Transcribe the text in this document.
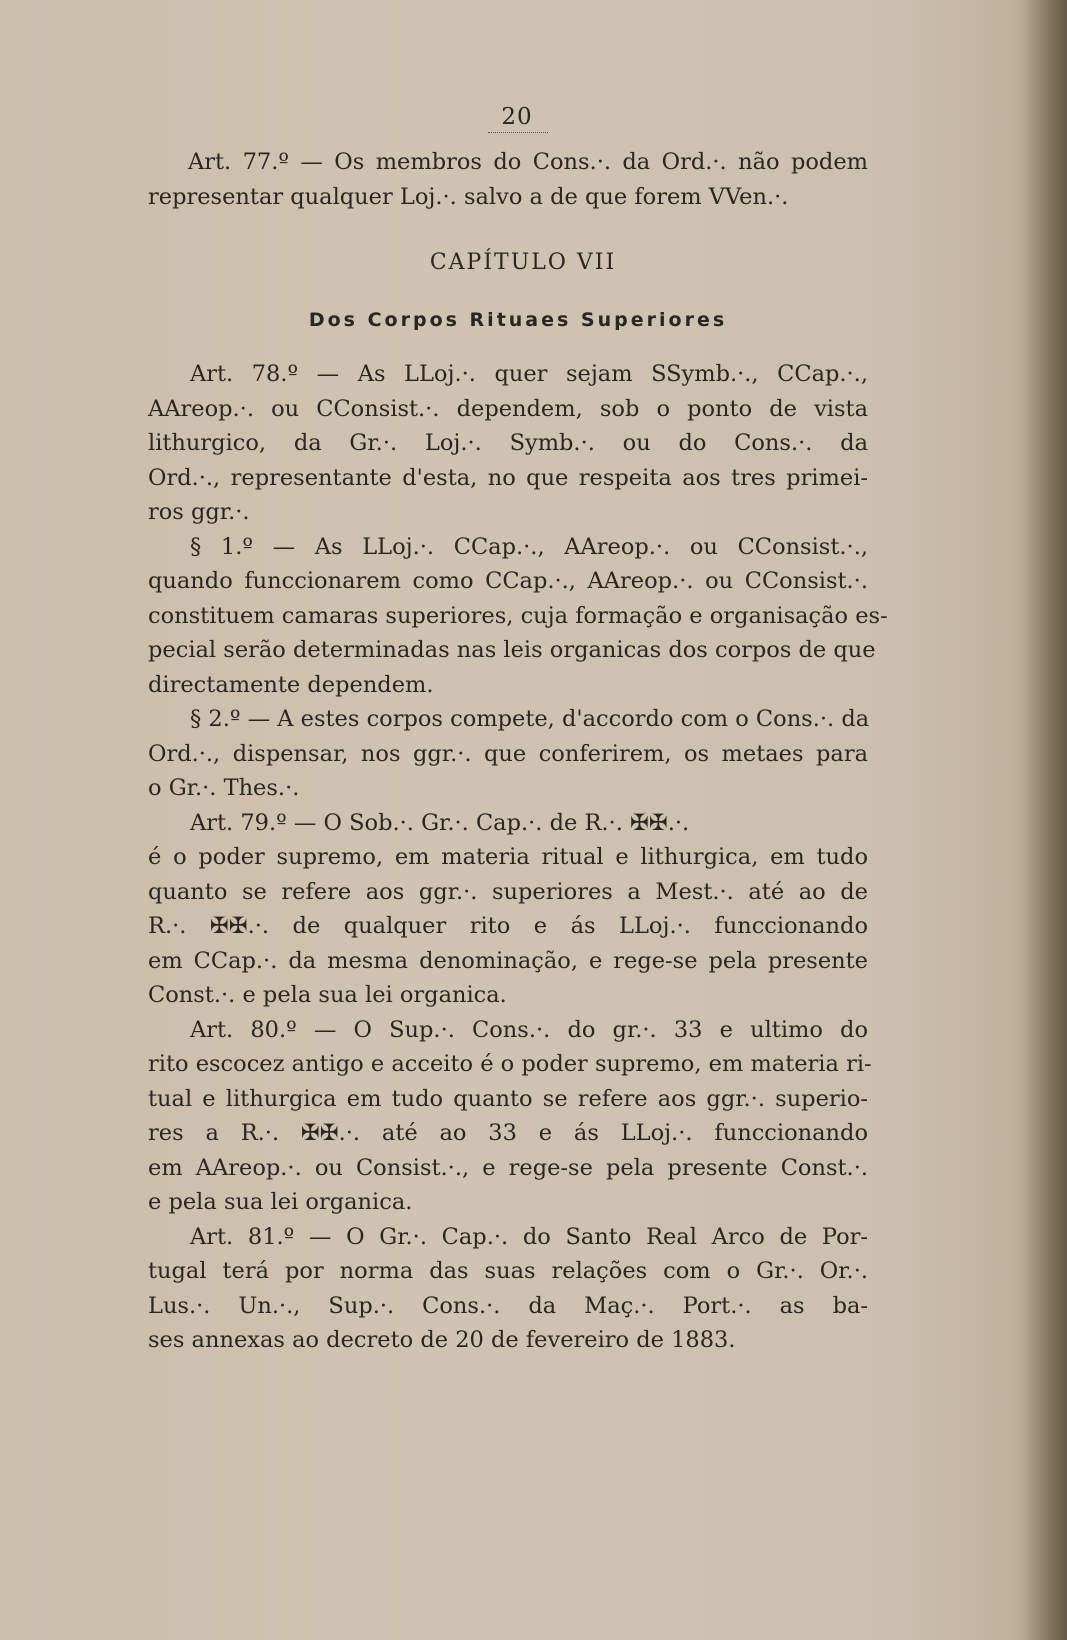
20
Art. 77.º — Os membros do Cons.·. da Ord.·. não podem
representar qualquer Loj.·. salvo a de que forem VVen.·.
CAPÍTULO VII
Dos Corpos Rituaes Superiores
Art. 78.º — As LLoj.·. quer sejam SSymb.·., CCap.·.,
AAreop.·. ou CConsist.·. dependem, sob o ponto de vista
lithurgico, da Gr.·. Loj.·. Symb.·. ou do Cons.·. da
Ord.·., representante d'esta, no que respeita aos tres primei-
ros ggr.·.
§ 1.º — As LLoj.·. CCap.·., AAreop.·. ou CConsist.·.,
quando funccionarem como CCap.·., AAreop.·. ou CConsist.·.
constituem camaras superiores, cuja formação e organisação es-
pecial serão determinadas nas leis organicas dos corpos de que
directamente dependem.
§ 2.º — A estes corpos compete, d'accordo com o Cons.·. da
Ord.·., dispensar, nos ggr.·. que conferirem, os metaes para
o Gr.·. Thes.·.
Art. 79.º — O Sob.·. Gr.·. Cap.·. de R.·. ✠✠.·.
é o poder supremo, em materia ritual e lithurgica, em tudo
quanto se refere aos ggr.·. superiores a Mest.·. até ao de
R.·. ✠✠.·. de qualquer rito e ás LLoj.·. funccionando
em CCap.·. da mesma denominação, e rege-se pela presente
Const.·. e pela sua lei organica.
Art. 80.º — O Sup.·. Cons.·. do gr.·. 33 e ultimo do
rito escocez antigo e acceito é o poder supremo, em materia ri-
tual e lithurgica em tudo quanto se refere aos ggr.·. superio-
res a R.·. ✠✠.·. até ao 33 e ás LLoj.·. funccionando
em AAreop.·. ou Consist.·., e rege-se pela presente Const.·.
e pela sua lei organica.
Art. 81.º — O Gr.·. Cap.·. do Santo Real Arco de Por-
tugal terá por norma das suas relações com o Gr.·. Or.·.
Lus.·. Un.·., Sup.·. Cons.·. da Maç.·. Port.·. as ba-
ses annexas ao decreto de 20 de fevereiro de 1883.
